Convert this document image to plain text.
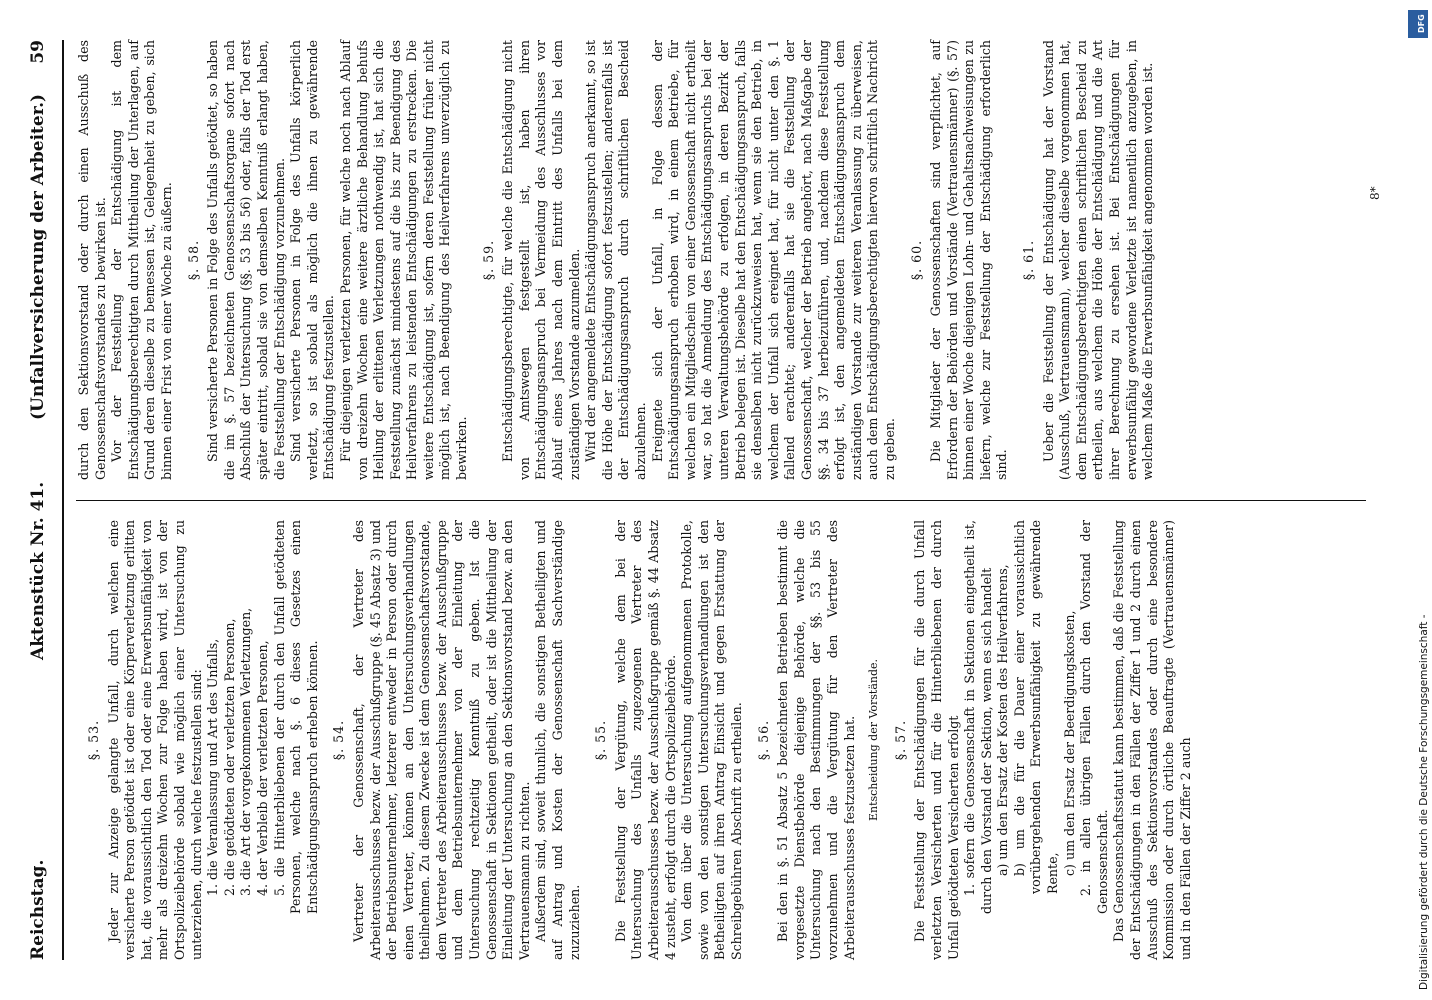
Reichstag.
Aktenstück Nr. 41.
(Unfallversicherung der Arbeiter.)
59
§. 53. Jeder zur Anzeige gelangte Unfall, durch welchen eine versicherte Person getödtet ist oder eine Körperverletzung erlitten hat, die voraussichtlich den Tod oder eine Erwerbsunfähigkeit von mehr als dreizehn Wochen zur Folge haben wird, ist von der Ortspolizeibehörde sobald wie möglich einer Untersuchung zu unterziehen, durch welche festzustellen sind: 1. die Veranlassung und Art des Unfalls, 2. die getödteten oder verletzten Personen, 3. die Art der vorgekommenen Verletzungen, 4. der Verbleib der verletzten Personen, 5. die Hinterbliebenen der durch den Unfall getödteten Personen, welche nach §. 6 dieses Gesetzes einen Entschädigungsanspruch erheben können. §. 54. Vertreter der Genossenschaft, der Vertreter des Arbeiterausschusses bezw. der Ausschußgruppe (§. 45 Absatz 3) und der Betriebsunternehmer, letzterer entweder in Person oder durch einen Vertreter, können an den Untersuchungsverhandlungen theilnehmen. Zu diesem Zwecke ist dem Genossenschaftsvorstande, dem Vertreter des Arbeiterausschusses bezw. der Ausschußgruppe und dem Betriebsunternehmer von der Einleitung der Untersuchung rechtzeitig Kenntniß zu geben. Ist die Genossenschaft in Sektionen getheilt, oder ist die Mittheilung der Einleitung der Untersuchung an den Sektionsvorstand bezw. an den Vertrauensmann zu richten. Außerdem sind, soweit thunlich, die sonstigen Betheiligten und auf Antrag und Kosten der Genossenschaft Sachverständige zuzuziehen.

§. 55. Die Feststellung der Vergütung, welche dem bei der Untersuchung des Unfalls zugezogenen Vertreter des Arbeiterausschusses bezw. der Ausschußgruppe gemäß §. 44 Absatz 4 zusteht, erfolgt durch die Ortspolizeibehörde. Von dem über die Untersuchung aufgenommenen Protokolle, sowie von den sonstigen Untersuchungsverhandlungen ist den Betheiligten auf ihren Antrag Einsicht und gegen Erstattung der Schreibgebühren Abschrift zu ertheilen. §. 56. Bei den in §. 51 Absatz 5 bezeichneten Betrieben bestimmt die vorgesetzte Dienstbehörde diejenige Behörde, welche die Untersuchung nach den Bestimmungen der §§. 53 bis 55 vorzunehmen und die Vergütung für den Vertreter des Arbeiterausschusses festzusetzen hat. Entscheidung der Vorstände. §. 57. Die Feststellung der Entschädigungen für die durch Unfall verletzten Versicherten und für die Hinterbliebenen der durch Unfall getödteten Versicherten erfolgt 1. sofern die Genossenschaft in Sektionen eingetheilt ist, durch den Vorstand der Sektion, wenn es sich handelt a) um den Ersatz der Kosten des Heilverfahrens, b) um die für die Dauer einer voraussichtlich vorübergehenden Erwerbsunfähigkeit zu gewährende Rente, c) um den Ersatz der Beerdigungskosten, 2. in allen übrigen Fällen durch den Vorstand der Genossenschaft. Das Genossenschaftsstatut kann bestimmen, daß die Feststellung der Entschädigungen in den Fällen der Ziffer 1 und 2 durch einen Ausschuß des Sektionsvorstandes oder durch eine besondere Kommission oder durch örtliche Beauftragte (Vertrauensmänner) und in den Fällen der Ziffer 2 auch

durch den Sektionsvorstand oder durch einen Ausschuß des Genossenschaftsvorstandes zu bewirken ist. Vor der Feststellung der Entschädigung ist dem Entschädigungsberechtigten durch Mittheilung der Unterlagen, auf Grund deren dieselbe zu bemessen ist, Gelegenheit zu geben, sich binnen einer Frist von einer Woche zu äußern. §. 58. Sind versicherte Personen in Folge des Unfalls getödtet, so haben die im §. 57 bezeichneten Genossenschaftsorgane sofort nach Abschluß der Untersuchung (§§. 53 bis 56) oder, falls der Tod erst später eintritt, sobald sie von demselben Kenntniß erlangt haben, die Feststellung der Entschädigung vorzunehmen. Sind versicherte Personen in Folge des Unfalls körperlich verletzt, so ist sobald als möglich die ihnen zu gewährende Entschädigung festzustellen. Für diejenigen verletzten Personen, für welche noch nach Ablauf von dreizehn Wochen eine weitere ärztliche Behandlung behufs Heilung der erlittenen Verletzungen nothwendig ist, hat sich die Feststellung zunächst mindestens auf die bis zur Beendigung des Heilverfahrens zu leistenden Entschädigungen zu erstrecken. Die weitere Entschädigung ist, sofern deren Feststellung früher nicht möglich ist, nach Beendigung des Heilverfahrens unverzüglich zu bewirken.

§. 59. Entschädigungsberechtigte, für welche die Entschädigung nicht von Amtswegen festgestellt ist, haben ihren Entschädigungsanspruch bei Vermeidung des Ausschlusses vor Ablauf eines Jahres nach dem Eintritt des Unfalls bei dem zuständigen Vorstande anzumelden. Wird der angemeldete Entschädigungsanspruch anerkannt, so ist die Höhe der Entschädigung sofort festzustellen; anderenfalls ist der Entschädigungsanspruch durch schriftlichen Bescheid abzulehnen. Ereignete sich der Unfall, in Folge dessen der Entschädigungsanspruch erhoben wird, in einem Betriebe, für welchen ein Mitgliedschein von einer Genossenschaft nicht ertheilt war, so hat die Anmeldung des Entschädigungsanspruchs bei der unteren Verwaltungsbehörde zu erfolgen, in deren Bezirk der Betrieb belegen ist. Dieselbe hat den Entschädigungsanspruch, falls sie denselben nicht zurückzuweisen hat, wenn sie den Betrieb, in welchem der Unfall sich ereignet hat, für nicht unter den §. 1 fallend erachtet; anderenfalls hat sie die Feststellung der Genossenschaft, welcher der Betrieb angehört, nach Maßgabe der §§. 34 bis 37 herbeizuführen, und, nachdem diese Feststellung erfolgt ist, den angemeldeten Entschädigungsanspruch dem zuständigen Vorstande zur weiteren Veranlassung zu überweisen, auch dem Entschädigungsberechtigten hiervon schriftlich Nachricht zu geben.

§. 60. Die Mitglieder der Genossenschaften sind verpflichtet, auf Erfordern der Behörden und Vorstände (Vertrauensmänner) (§. 57) binnen einer Woche diejenigen Lohn- und Gehaltsnachweisungen zu liefern, welche zur Feststellung der Entschädigung erforderlich sind.

§. 61. Ueber die Feststellung der Entschädigung hat der Vorstand (Ausschuß, Vertrauensmann), welcher dieselbe vorgenommen hat, dem Entschädigungsberechtigten einen schriftlichen Bescheid zu ertheilen, aus welchem die Höhe der Entschädigung und die Art ihrer Berechnung zu ersehen ist. Bei Entschädigungen für erwerbsunfähig gewordene Verletzte ist namentlich anzugeben, in welchem Maße die Erwerbsunfähigkeit angenommen worden ist.	8*
DFG
Digitalisierung gefördert durch die Deutsche Forschungsgemeinschaft -
